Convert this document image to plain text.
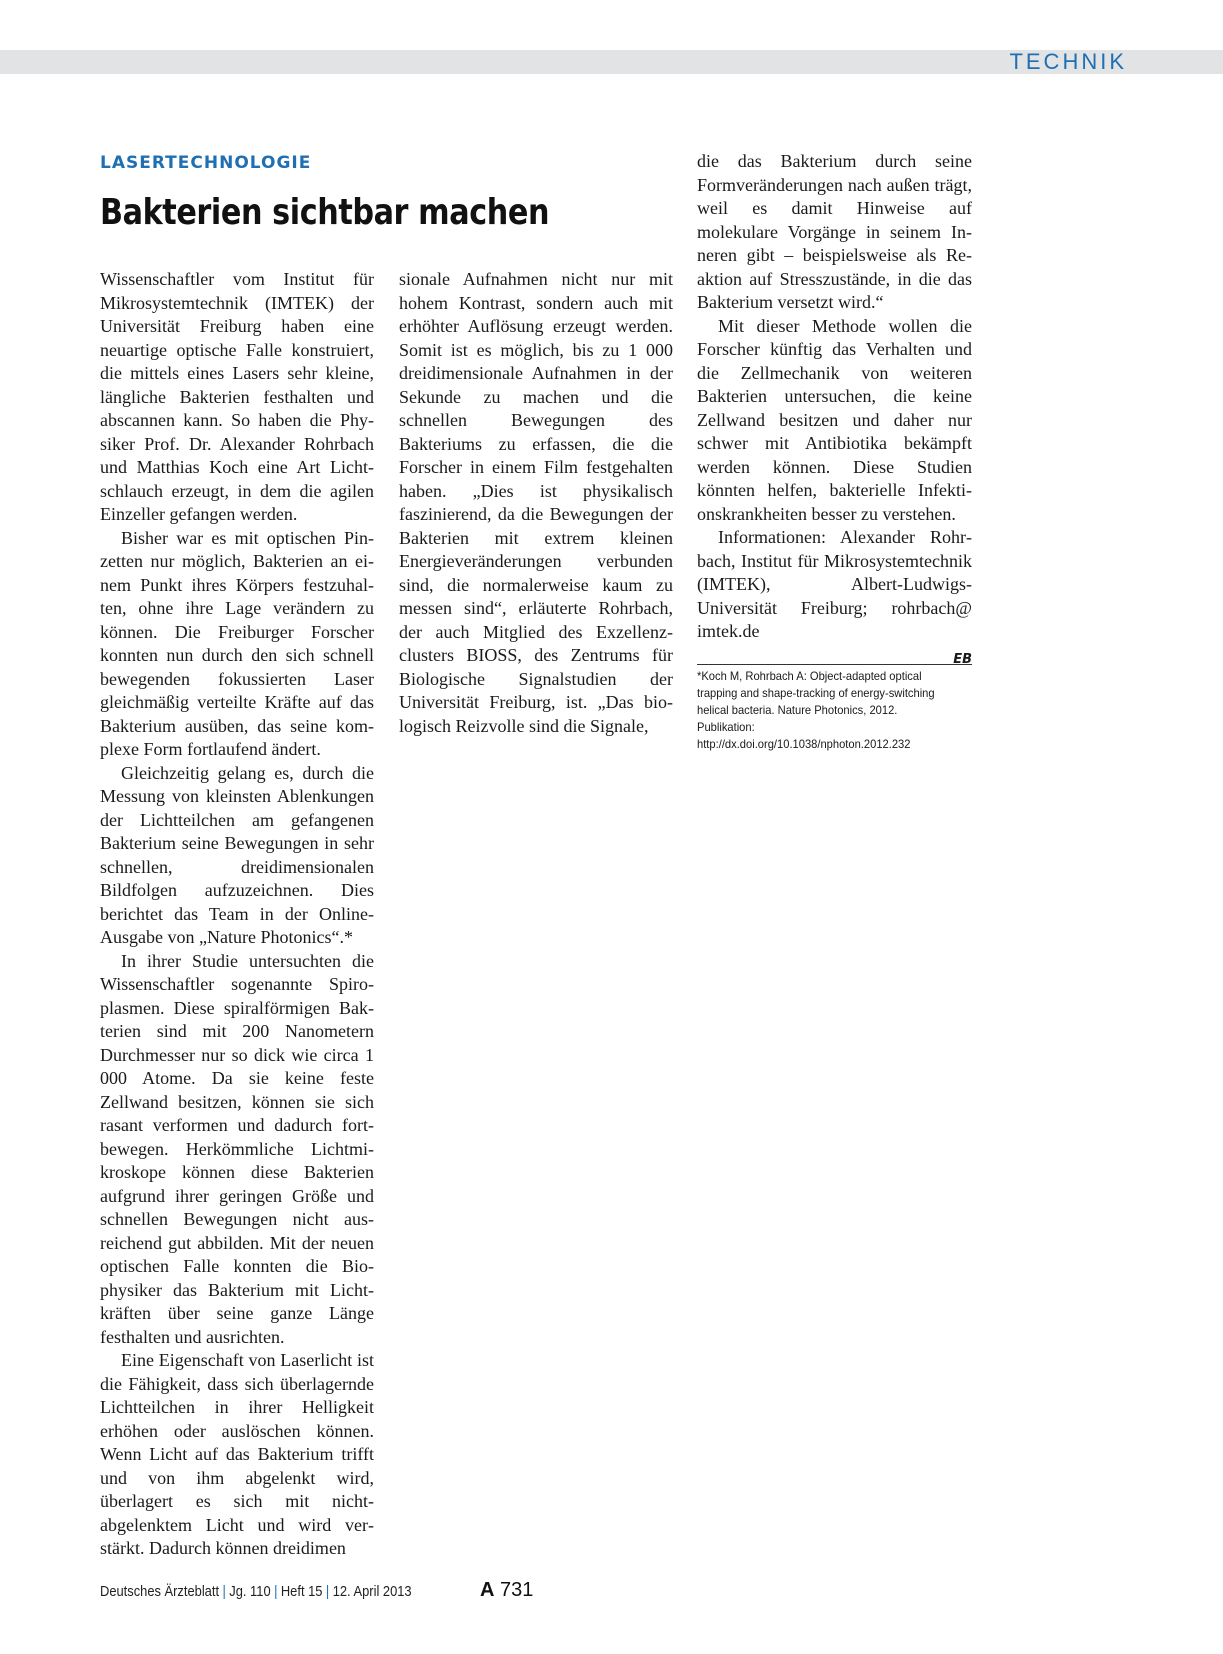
TECHNIK
LASERTECHNOLOGIE
Bakterien sichtbar machen

Wissenschaftler vom Institut für Mikrosystemtechnik (IMTEK) der Universität Freiburg haben eine neuartige optische Falle konstruiert, die mittels eines Lasers sehr kleine, längliche Bakterien festhalten und abscannen kann. So haben die Physiker Prof. Dr. Alexander Rohrbach und Matthias Koch eine Art Lichtschlauch erzeugt, in dem die agilen Einzeller gefangen werden.

Bisher war es mit optischen Pinzetten nur möglich, Bakterien an einem Punkt ihres Körpers festzuhalten, ohne ihre Lage verändern zu können. Die Freiburger Forscher konnten nun durch den sich schnell bewegenden fokussierten Laser gleichmäßig verteilte Kräfte auf das Bakterium ausüben, das seine komplexe Form fortlaufend ändert.

Gleichzeitig gelang es, durch die Messung von kleinsten Ablenkungen der Lichtteilchen am gefangenen Bakterium seine Bewegungen in sehr schnellen, dreidimensionalen Bildfolgen aufzuzeichnen. Dies berichtet das Team in der Online-Ausgabe von „Nature Photonics“.*

In ihrer Studie untersuchten die Wissenschaftler sogenannte Spiroplasmen. Diese spiralförmigen Bakterien sind mit 200 Nanometern Durchmesser nur so dick wie circa 1 000 Atome. Da sie keine feste Zellwand besitzen, können sie sich rasant verformen und dadurch fortbewegen. Herkömmliche Lichtmikroskope können diese Bakterien aufgrund ihrer geringen Größe und schnellen Bewegungen nicht ausreichend gut abbilden. Mit der neuen optischen Falle konnten die Biophysiker das Bakterium mit Lichtkräften über seine ganze Länge festhalten und ausrichten.

Eine Eigenschaft von Laserlicht ist die Fähigkeit, dass sich überlagernde Lichtteilchen in ihrer Helligkeit erhöhen oder auslöschen können. Wenn Licht auf das Bakterium trifft und von ihm abgelenkt wird, überlagert es sich mit nichtabgelenktem Licht und wird verstärkt. Dadurch können dreidimen

sionale Aufnahmen nicht nur mit hohem Kontrast, sondern auch mit erhöhter Auflösung erzeugt werden. Somit ist es möglich, bis zu 1 000 dreidimensionale Aufnahmen in der Sekunde zu machen und die schnellen Bewegungen des Bakteriums zu erfassen, die die Forscher in einem Film festgehalten haben. „Dies ist physikalisch faszinierend, da die Bewegungen der Bakterien mit extrem kleinen Energieveränderungen verbunden sind, die normalerweise kaum zu messen sind“, erläuterte Rohrbach, der auch Mitglied des Exzellenzclusters BIOSS, des Zentrums für Biologische Signalstudien der Universität Freiburg, ist. „Das biologisch Reizvolle sind die Signale,

die das Bakterium durch seine Formveränderungen nach außen trägt, weil es damit Hinweise auf molekulare Vorgänge in seinem Inneren gibt – beispielsweise als Reaktion auf Stresszustände, in die das Bakterium versetzt wird.“

Mit dieser Methode wollen die Forscher künftig das Verhalten und die Zellmechanik von weiteren Bakterien untersuchen, die keine Zellwand besitzen und daher nur schwer mit Antibiotika bekämpft werden können. Diese Studien könnten helfen, bakterielle Infektionskrankheiten besser zu verstehen.

Informationen: Alexander Rohrbach, Institut für Mikrosystemtechnik (IMTEK), Albert-Ludwigs-Universität Freiburg; rohrbach@ imtek.de

EB
*Koch M, Rohrbach A: Object-adapted optical trapping and shape-tracking of energy-switching helical bacteria. Nature Photonics, 2012. Publikation: http://dx.doi.org/10.1038/nphoton.2012.232
Deutsches Ärzteblatt | Jg. 110 | Heft 15 | 12. April 2013	A 731
